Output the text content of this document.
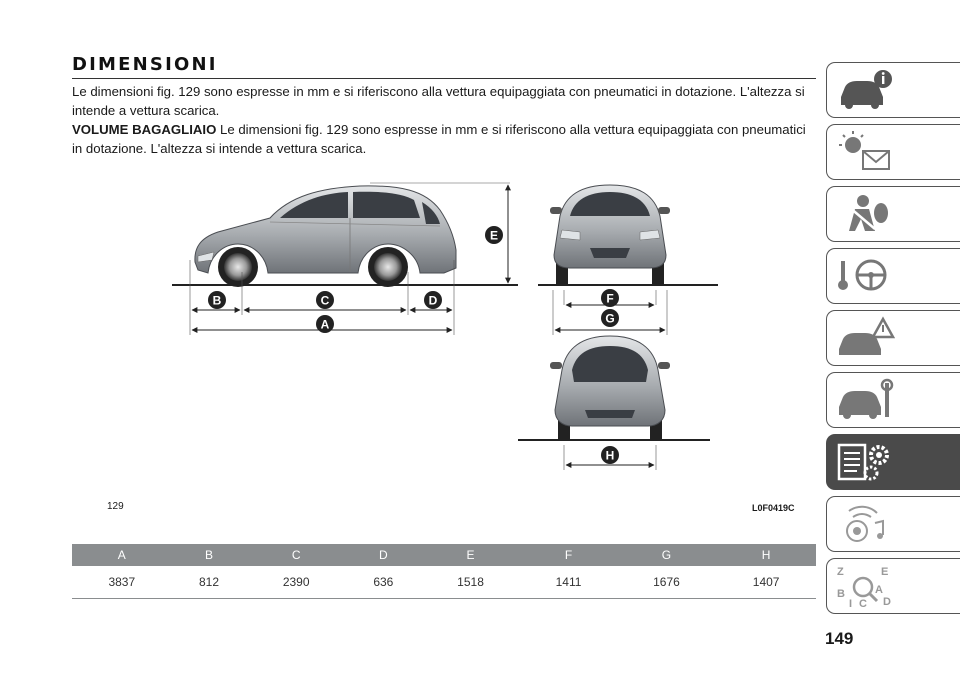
DIMENSIONI
Le dimensioni fig. 129 sono espresse in mm e si riferiscono alla vettura equipaggiata con pneumatici in dotazione. L'altezza si intende a vettura scarica.
VOLUME BAGAGLIAIO Le dimensioni fig. 129 sono espresse in mm e si riferiscono alla vettura equipaggiata con pneumatici in dotazione. L'altezza si intende a vettura scarica.
A
B	C	D
E
F
G
H
129	L0F0419C
A	B	C	D	E	F	G	H
3837	812	2390	636	1518	1411	1676	1407
149
Z	E
B
I C
A
D
